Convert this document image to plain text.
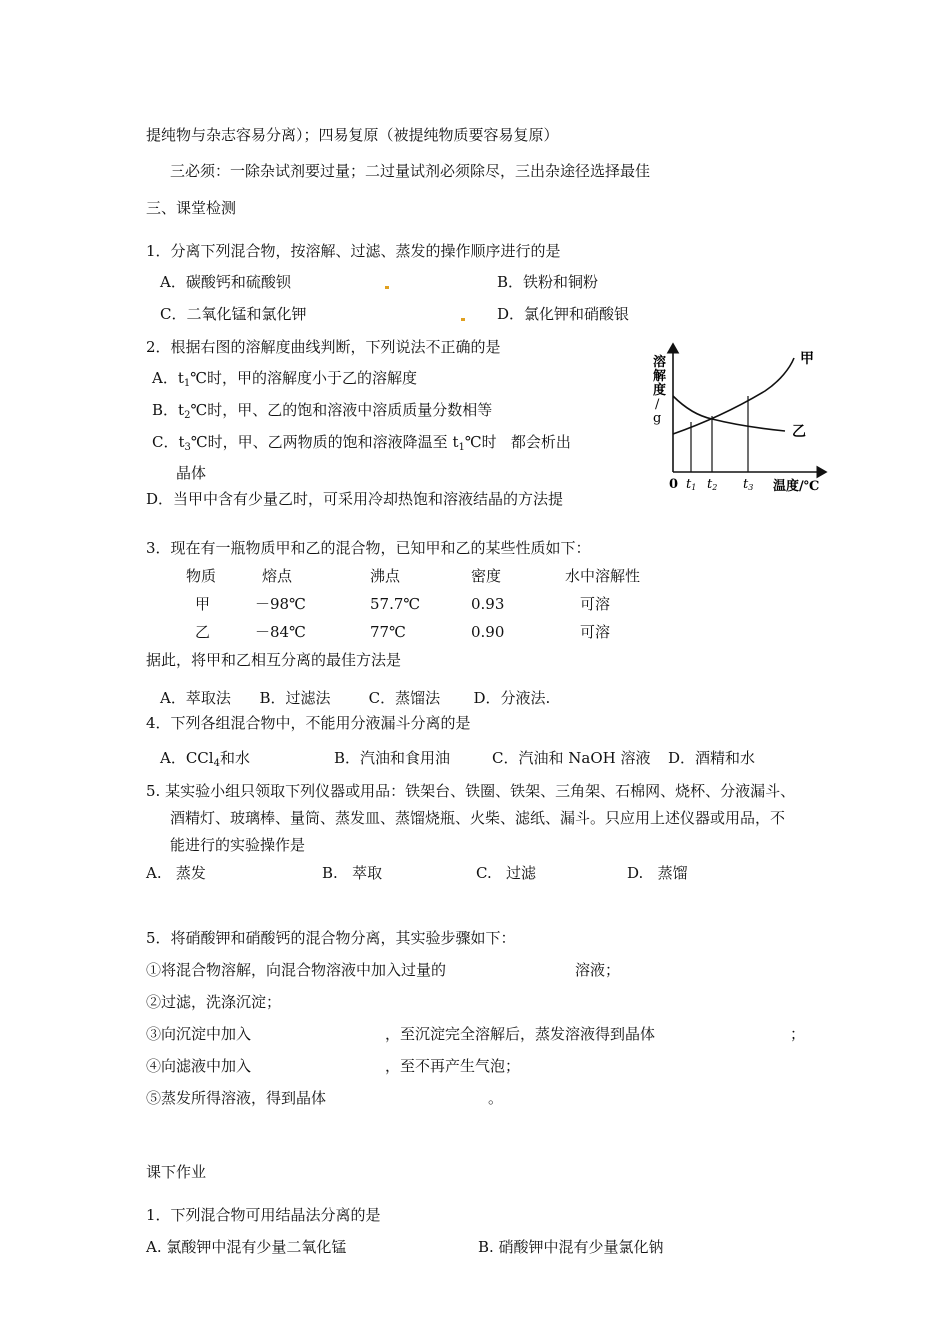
提纯物与杂志容易分离）；四易复原（被提纯物质要容易复原）
三必须：一除杂试剂要过量；二过量试剂必须除尽，三出杂途径选择最佳
三、课堂检测
1．分离下列混合物，按溶解、过滤、蒸发的操作顺序进行的是
A．碳酸钙和硫酸钡	B．铁粉和铜粉
C．二氧化锰和氯化钾	D．氯化钾和硝酸银
2．根据右图的溶解度曲线判断，下列说法不正确的是
A．$t_1℃$时，甲的溶解度小于乙的溶解度
B．$t_2℃$时，甲、乙的饱和溶液中溶质质量分数相等
C．$t_3℃$时，甲、乙两物质的饱和溶液降温至 $t_1℃$时   都会析出
晶体
D．当甲中含有少量乙时，可采用冷却热饱和溶液结晶的方法提
溶
解
度
/
g
甲
乙
0 t1 t2 t3 温度/℃
3．现在有一瓶物质甲和乙的混合物，已知甲和乙的某些性质如下：
物质	熔点	沸点	密度	水中溶解性
甲	－98℃	57.7℃	0.93	可溶
乙	－84℃	77℃	0.90	可溶
据此，将甲和乙相互分离的最佳方法是
A．萃取法      B．过滤法        C．蒸馏法       D．分液法.
4．下列各组混合物中，不能用分液漏斗分离的是
A．CCl$_4$和水	B．汽油和食用油	C．汽油和 NaOH 溶液 D．酒精和水
5. 某实验小组只领取下列仪器或用品：铁架台、铁圈、铁架、三角架、石棉网、烧杯、分液漏斗、
酒精灯、玻璃棒、量筒、蒸发皿、蒸馏烧瓶、火柴、滤纸、漏斗。只应用上述仪器或用品，不
能进行的实验操作是
A.   蒸发	B.   萃取	C.   过滤	D.   蒸馏
5．将硝酸钾和硝酸钙的混合物分离，其实验步骤如下：
①将混合物溶解，向混合物溶液中加入过量的	溶液；
②过滤，洗涤沉淀；
③向沉淀中加入	，至沉淀完全溶解后，蒸发溶液得到晶体	；
④向滤液中加入	，至不再产生气泡；
⑤蒸发所得溶液，得到晶体	。
课下作业
1．下列混合物可用结晶法分离的是
A. 氯酸钾中混有少量二氧化锰	B. 硝酸钾中混有少量氯化钠
